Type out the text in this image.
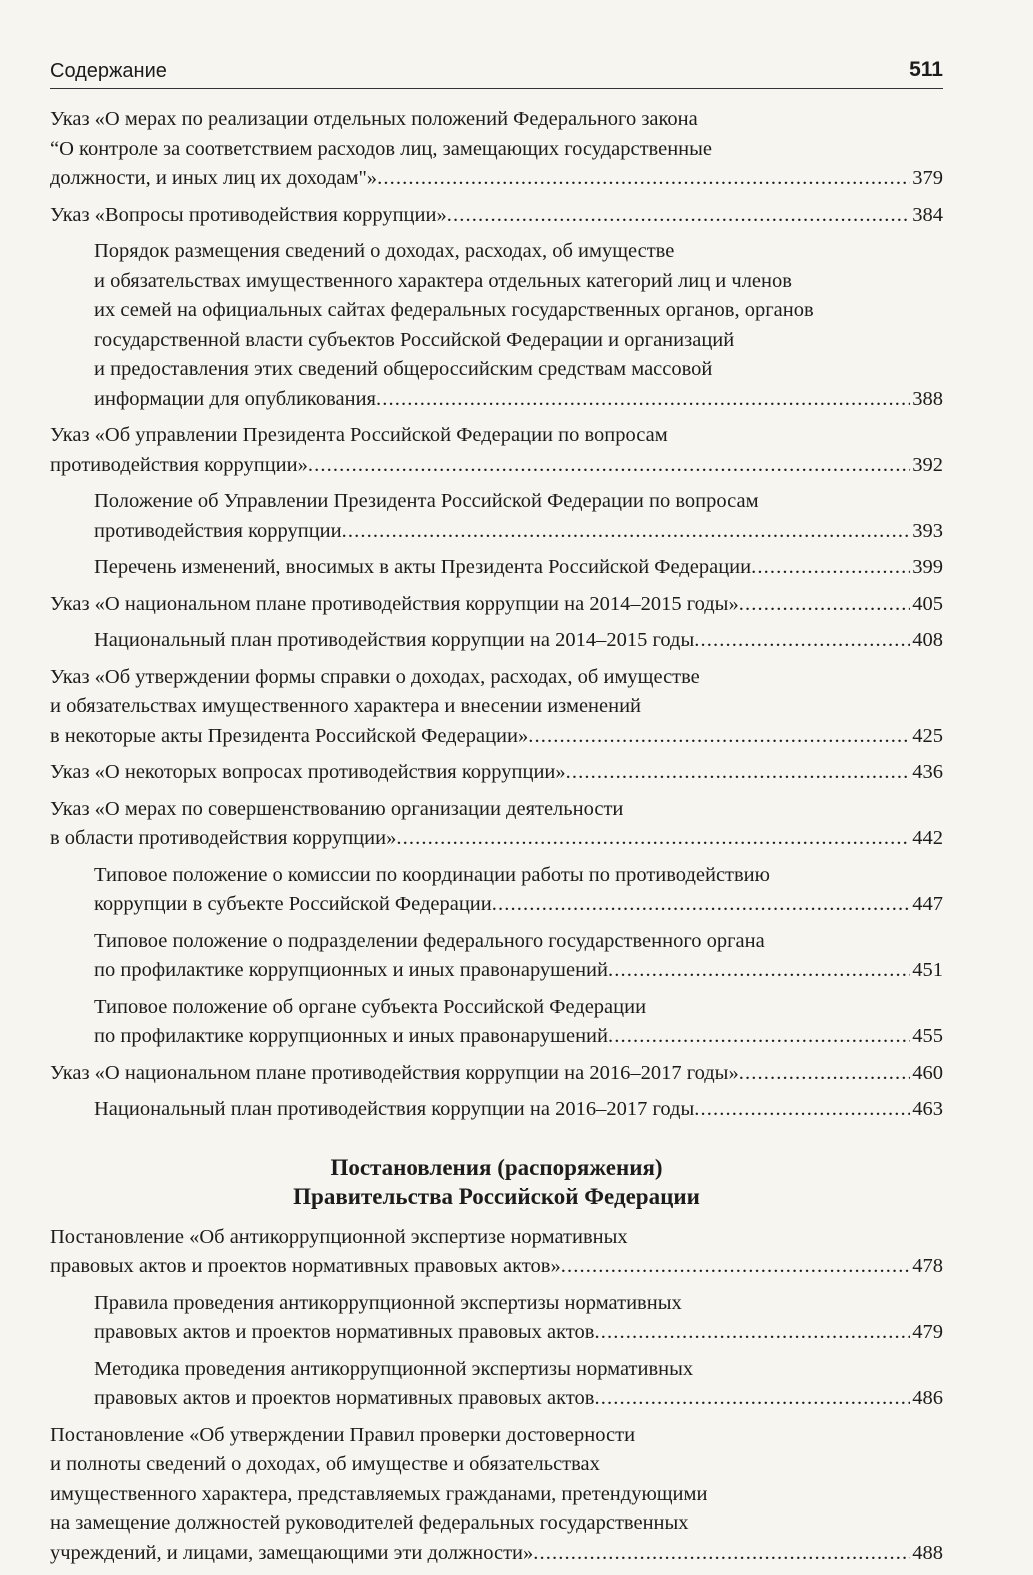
Содержание	511
Указ «О мерах по реализации отдельных положений Федерального закона
“О контроле за соответствием расходов лиц, замещающих государственные
должности, и иных лиц их доходам"» . . .	379
Указ «Вопросы противодействия коррупции» . . .	384
Порядок размещения сведений о доходах, расходах, об имуществе
и обязательствах имущественного характера отдельных категорий лиц и членов
их семей на официальных сайтах федеральных государственных органов, органов
государственной власти субъектов Российской Федерации и организаций
и предоставления этих сведений общероссийским средствам массовой
информации для опубликования . . .	388
Указ «Об управлении Президента Российской Федерации по вопросам
противодействия коррупции» . . .	392
Положение об Управлении Президента Российской Федерации по вопросам
противодействия коррупции . . .	393
Перечень изменений, вносимых в акты Президента Российской Федерации . . .	399
Указ «О национальном плане противодействия коррупции на 2014–2015 годы» . . .	405
Национальный план противодействия коррупции на 2014–2015 годы . . .	408
Указ «Об утверждении формы справки о доходах, расходах, об имуществе
и обязательствах имущественного характера и внесении изменений
в некоторые акты Президента Российской Федерации» . . .	425
Указ «О некоторых вопросах противодействия коррупции» . . .	436
Указ «О мерах по совершенствованию организации деятельности
в области противодействия коррупции» . . .	442
Типовое положение о комиссии по координации работы по противодействию
коррупции в субъекте Российской Федерации . . .	447
Типовое положение о подразделении федерального государственного органа
по профилактике коррупционных и иных правонарушений . . .	451
Типовое положение об органе субъекта Российской Федерации
по профилактике коррупционных и иных правонарушений . . .	455
Указ «О национальном плане противодействия коррупции на 2016–2017 годы» . . .	460
Национальный план противодействия коррупции на 2016–2017 годы . . .	463
Постановления (распоряжения)
Правительства Российской Федерации
Постановление «Об антикоррупционной экспертизе нормативных
правовых актов и проектов нормативных правовых актов» . . .	478
Правила проведения антикоррупционной экспертизы нормативных
правовых актов и проектов нормативных правовых актов . . .	479
Методика проведения антикоррупционной экспертизы нормативных
правовых актов и проектов нормативных правовых актов . . .	486
Постановление «Об утверждении Правил проверки достоверности
и полноты сведений о доходах, об имуществе и обязательствах
имущественного характера, представляемых гражданами, претендующими
на замещение должностей руководителей федеральных государственных
учреждений, и лицами, замещающими эти должности» . . .	488
